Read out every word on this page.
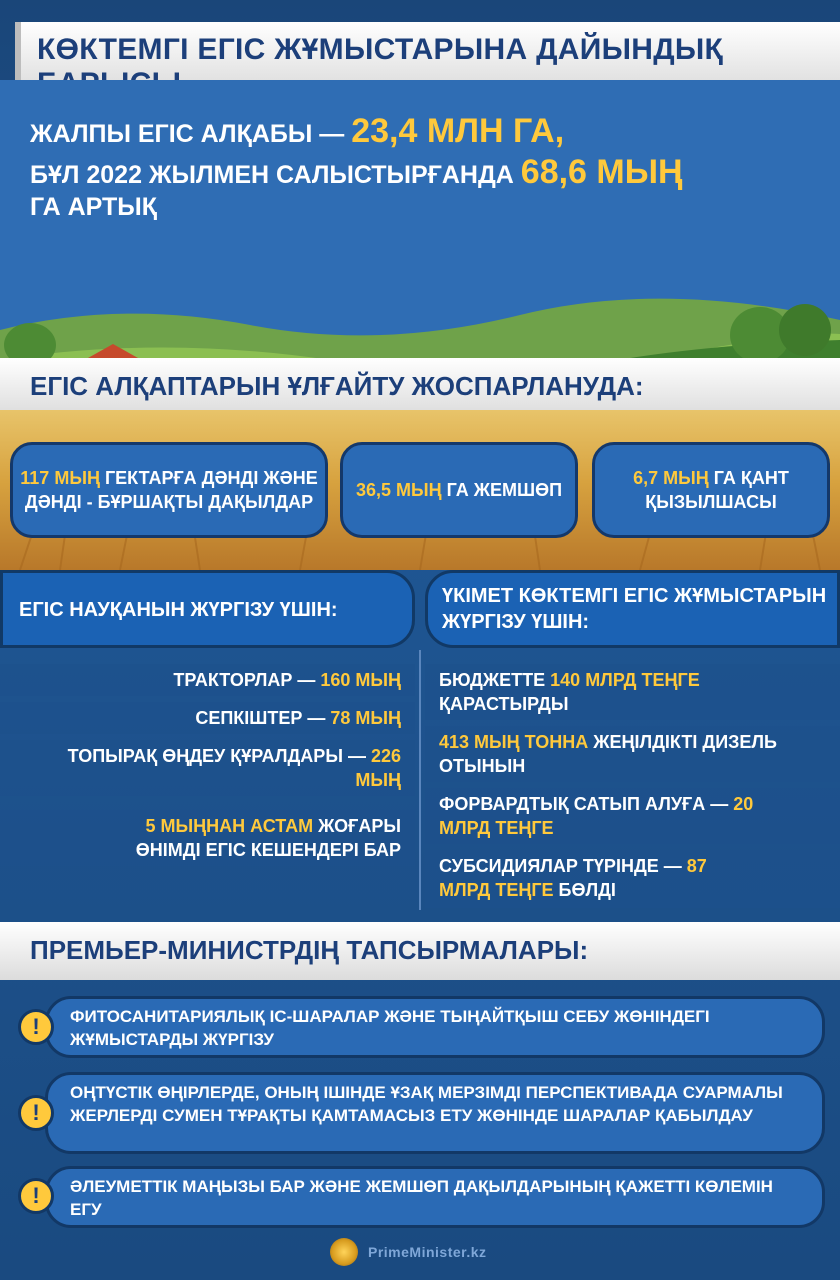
КӨКТЕМГІ ЕГІС ЖҰМЫСТАРЫНА ДАЙЫНДЫҚ
ЖАЛПЫ ЕГІС АЛҚАБЫ — 23,4 МЛН ГА,
БҰЛ 2022 ЖЫЛМЕН САЛЫСТЫРҒАНДА 68,6 МЫҢ
ГА АРТЫҚ
ЕГІС АЛҚАПТАРЫН ҰЛҒАЙТУ ЖОСПАРЛАНУДА:
117 МЫҢ ГЕКТАРҒА ДӘНДІ ЖӘНЕ ДӘНДІ - БҰРШАҚТЫ ДАҚЫЛДАР
36,5 МЫҢ ГА ЖЕМШӨП
6,7 МЫҢ ГА ҚАНТ ҚЫЗЫЛШАСЫ
ЕГІС НАУҚАНЫН ЖҮРГІЗУ ҮШІН:
ҮКІМЕТ КӨКТЕМГІ ЕГІС ЖҰМЫСТАРЫН ЖҮРГІЗУ ҮШІН:
ТРАКТОРЛАР — 160 МЫҢ
СЕПКІШТЕР — 78 МЫҢ
ТОПЫРАҚ ӨҢДЕУ ҚҰРАЛДАРЫ — 226 МЫҢ
5 МЫҢНАН АСТАМ ЖОҒАРЫ ӨНІМДІ ЕГІС КЕШЕНДЕРІ БАР
БЮДЖЕТТЕ 140 МЛРД ТЕҢГЕ ҚАРАСТЫРДЫ
413 МЫҢ ТОННА ЖЕҢІЛДІКТІ ДИЗЕЛЬ ОТЫНЫН
ФОРВАРДТЫҚ САТЫП АЛУҒА — 20 МЛРД ТЕҢГЕ
СУБСИДИЯЛАР ТҮРІНДЕ — 87 МЛРД ТЕҢГЕ БӨЛДІ
ПРЕМЬЕР-МИНИСТРДІҢ ТАПСЫРМАЛАРЫ:
ФИТОСАНИТАРИЯЛЫҚ ІС-ШАРАЛАР ЖӘНЕ ТЫҢАЙТҚЫШ СЕБУ ЖӨНІНДЕГІ ЖҰМЫСТАРДЫ ЖҮРГІЗУ
!
ОҢТҮСТІК ӨҢІРЛЕРДЕ, ОНЫҢ ІШІНДЕ ҰЗАҚ МЕРЗІМДІ ПЕРСПЕКТИВАДА СУАРМАЛЫ ЖЕРЛЕРДІ СУМЕН ТҰРАҚТЫ ҚАМТАМАСЫЗ ЕТУ ЖӨНІНДЕ ШАРАЛАР ҚАБЫЛДАУ
!
ӘЛЕУМЕТТІК МАҢЫЗЫ БАР ЖӘНЕ ЖЕМШӨП ДАҚЫЛДАРЫНЫҢ ҚАЖЕТТІ КӨЛЕМІН ЕГУ
!
PrimeMinister.kz
